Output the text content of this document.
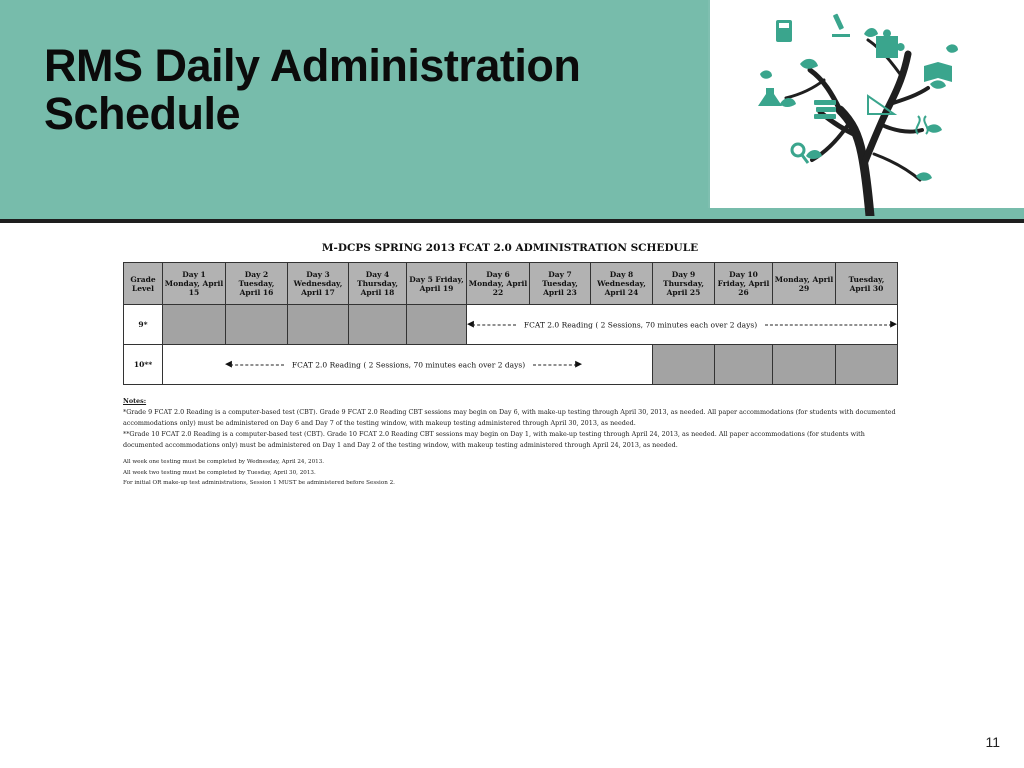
RMS Daily Administration Schedule
M-DCPS SPRING 2013 FCAT 2.0 ADMINISTRATION SCHEDULE
Grade Level	Day 1 Monday, April 15	Day 2 Tuesday, April 16	Day 3 Wednesday, April 17	Day 4 Thursday, April 18	Day 5 Friday, April 19	Day 6 Monday, April 22	Day 7 Tuesday, April 23	Day 8 Wednesday, April 24	Day 9 Thursday, April 25	Day 10 Friday, April 26	Monday, April 29	Tuesday, April 30
9*						◀ FCAT 2.0 Reading ( 2 Sessions, 70 minutes each over 2 days) ▶						

10**	◀ FCAT 2.0 Reading ( 2 Sessions, 70 minutes each over 2 days) ▶											

Notes:

*Grade 9 FCAT 2.0 Reading is a computer-based test (CBT). Grade 9 FCAT 2.0 Reading CBT sessions may begin on Day 6, with make-up testing through April 30, 2013, as needed. All paper accommodations (for students with documented accommodations only) must be administered on Day 6 and Day 7 of the testing window, with makeup testing administered through April 30, 2013, as needed.

**Grade 10 FCAT 2.0 Reading is a computer-based test (CBT). Grade 10 FCAT 2.0 Reading CBT sessions may begin on Day 1, with make-up testing through April 24, 2013, as needed. All paper accommodations (for students with documented accommodations only) must be administered on Day 1 and Day 2 of the testing window, with makeup testing administered through April 24, 2013, as needed.

All week one testing must be completed by Wednesday, April 24, 2013.

All week two testing must be completed by Tuesday, April 30, 2013.

For initial OR make-up test administrations, Session 1 MUST be administered before Session 2.

11
